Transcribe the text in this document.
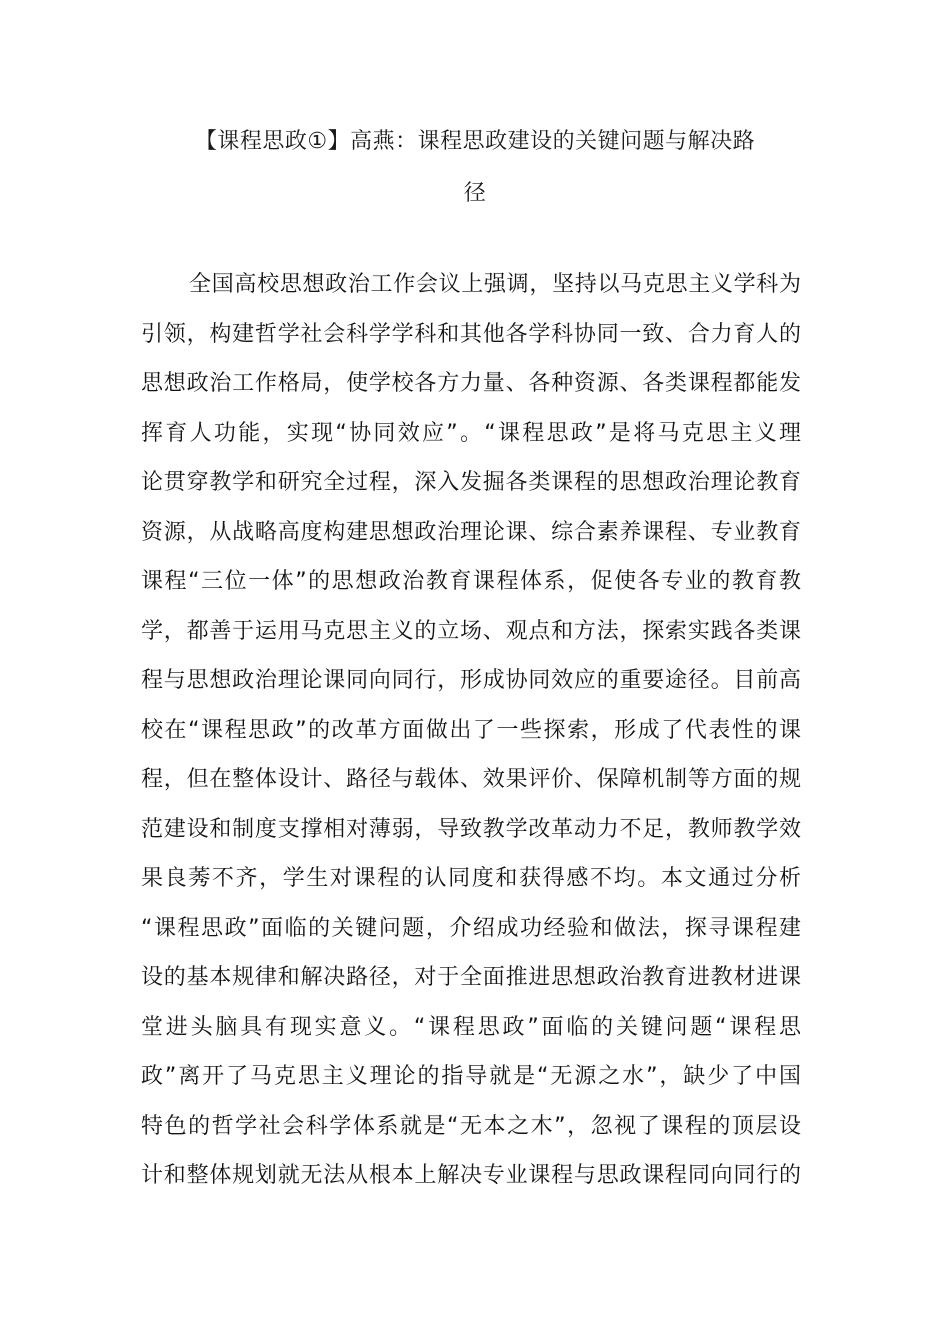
【课程思政①】高燕：课程思政建设的关键问题与解决路
径
全国高校思想政治工作会议上强调，坚持以马克思主义学科为
引领，构建哲学社会科学学科和其他各学科协同一致、合力育人的
思想政治工作格局，使学校各方力量、各种资源、各类课程都能发
挥育人功能，实现“协同效应”。“课程思政”是将马克思主义理
论贯穿教学和研究全过程，深入发掘各类课程的思想政治理论教育
资源，从战略高度构建思想政治理论课、综合素养课程、专业教育
课程“三位一体”的思想政治教育课程体系，促使各专业的教育教
学，都善于运用马克思主义的立场、观点和方法，探索实践各类课
程与思想政治理论课同向同行，形成协同效应的重要途径。目前高
校在“课程思政”的改革方面做出了一些探索，形成了代表性的课
程，但在整体设计、路径与载体、效果评价、保障机制等方面的规
范建设和制度支撑相对薄弱，导致教学改革动力不足，教师教学效
果良莠不齐，学生对课程的认同度和获得感不均。本文通过分析
“课程思政”面临的关键问题，介绍成功经验和做法，探寻课程建
设的基本规律和解决路径，对于全面推进思想政治教育进教材进课
堂进头脑具有现实意义。“课程思政”面临的关键问题“课程思
政”离开了马克思主义理论的指导就是“无源之水”，缺少了中国
特色的哲学社会科学体系就是“无本之木”，忽视了课程的顶层设
计和整体规划就无法从根本上解决专业课程与思政课程同向同行的
